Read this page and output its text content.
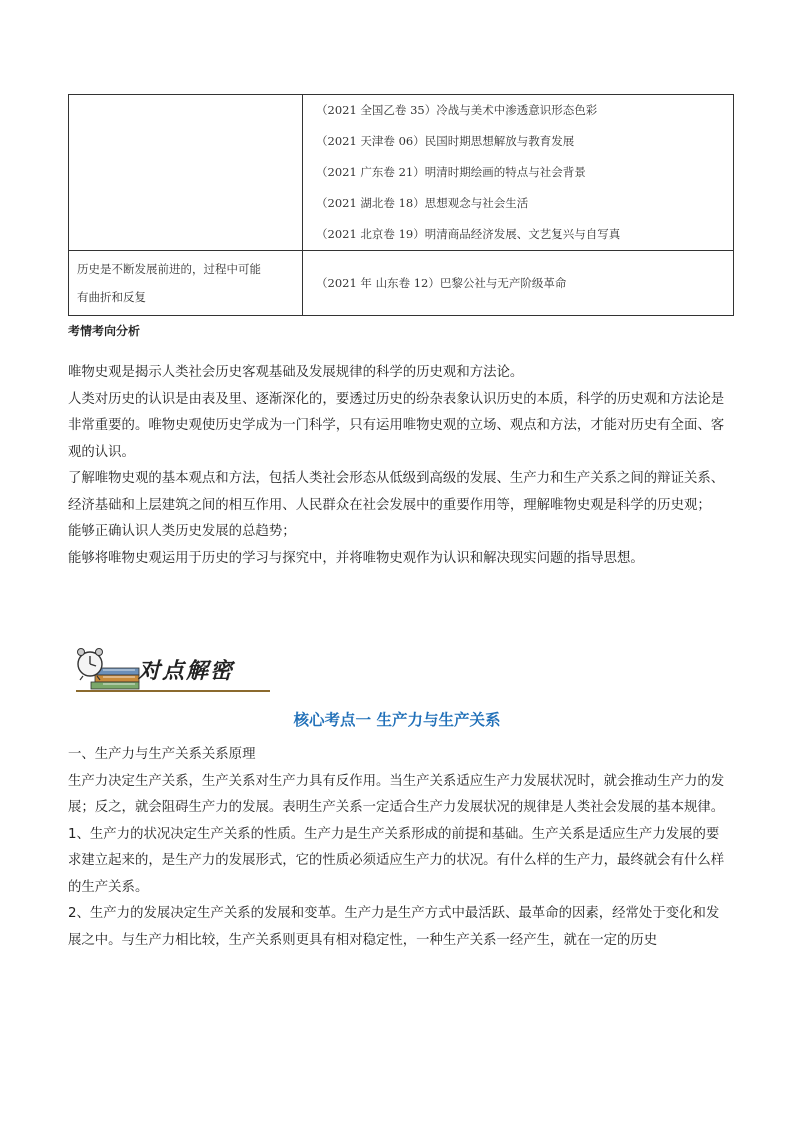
	（2021 全国乙卷 35）冷战与美术中渗透意识形态色彩
（2021 天津卷 06）民国时期思想解放与教育发展
（2021 广东卷 21）明清时期绘画的特点与社会背景
（2021 湖北卷 18）思想观念与社会生活
（2021 北京卷 19）明清商品经济发展、文艺复兴与自写真

历史是不断发展前进的，过程中可能
有曲折和反复	（2021 年 山东卷 12）巴黎公社与无产阶级革命
考情考向分析

唯物史观是揭示人类社会历史客观基础及发展规律的科学的历史观和方法论。

人类对历史的认识是由表及里、逐渐深化的，要透过历史的纷杂表象认识历史的本质，科学的历史观和方法论是非常重要的。唯物史观使历史学成为一门科学，只有运用唯物史观的立场、观点和方法，才能对历史有全面、客观的认识。

了解唯物史观的基本观点和方法，包括人类社会形态从低级到高级的发展、生产力和生产关系之间的辩证关系、经济基础和上层建筑之间的相互作用、人民群众在社会发展中的重要作用等，理解唯物史观是科学的历史观；

能够正确认识人类历史发展的总趋势；

能够将唯物史观运用于历史的学习与探究中，并将唯物史观作为认识和解决现实问题的指导思想。

对点解密
核心考点一 生产力与生产关系

一、生产力与生产关系关系原理

生产力决定生产关系，生产关系对生产力具有反作用。当生产关系适应生产力发展状况时，就会推动生产力的发展；反之，就会阻碍生产力的发展。表明生产关系一定适合生产力发展状况的规律是人类社会发展的基本规律。

1、生产力的状况决定生产关系的性质。生产力是生产关系形成的前提和基础。生产关系是适应生产力发展的要求建立起来的，是生产力的发展形式，它的性质必须适应生产力的状况。有什么样的生产力，最终就会有什么样的生产关系。

2、生产力的发展决定生产关系的发展和变革。生产力是生产方式中最活跃、最革命的因素，经常处于变化和发展之中。与生产力相比较，生产关系则更具有相对稳定性，一种生产关系一经产生，就在一定的历史
